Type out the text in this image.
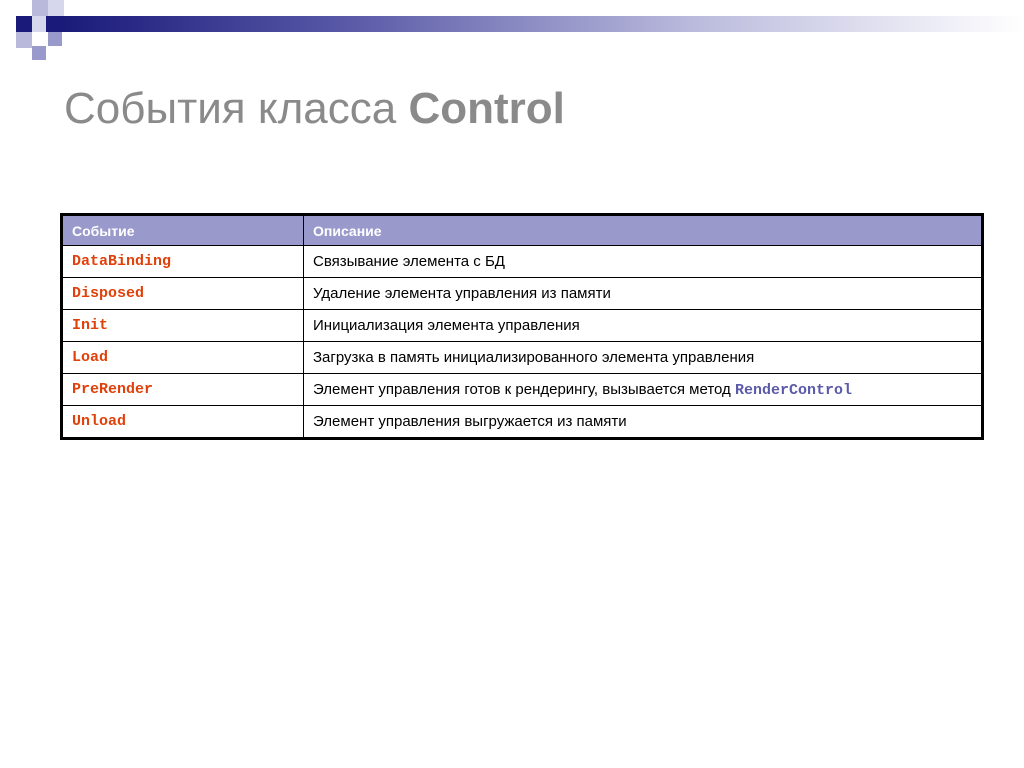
События класса Control
Событие	Описание
DataBinding	Связывание элемента с БД
Disposed	Удаление элемента управления из памяти
Init	Инициализация элемента управления
Load	Загрузка в память инициализированного элемента управления
PreRender	Элемент управления готов к рендерингу, вызывается метод RenderControl
Unload	Элемент управления выгружается из памяти
